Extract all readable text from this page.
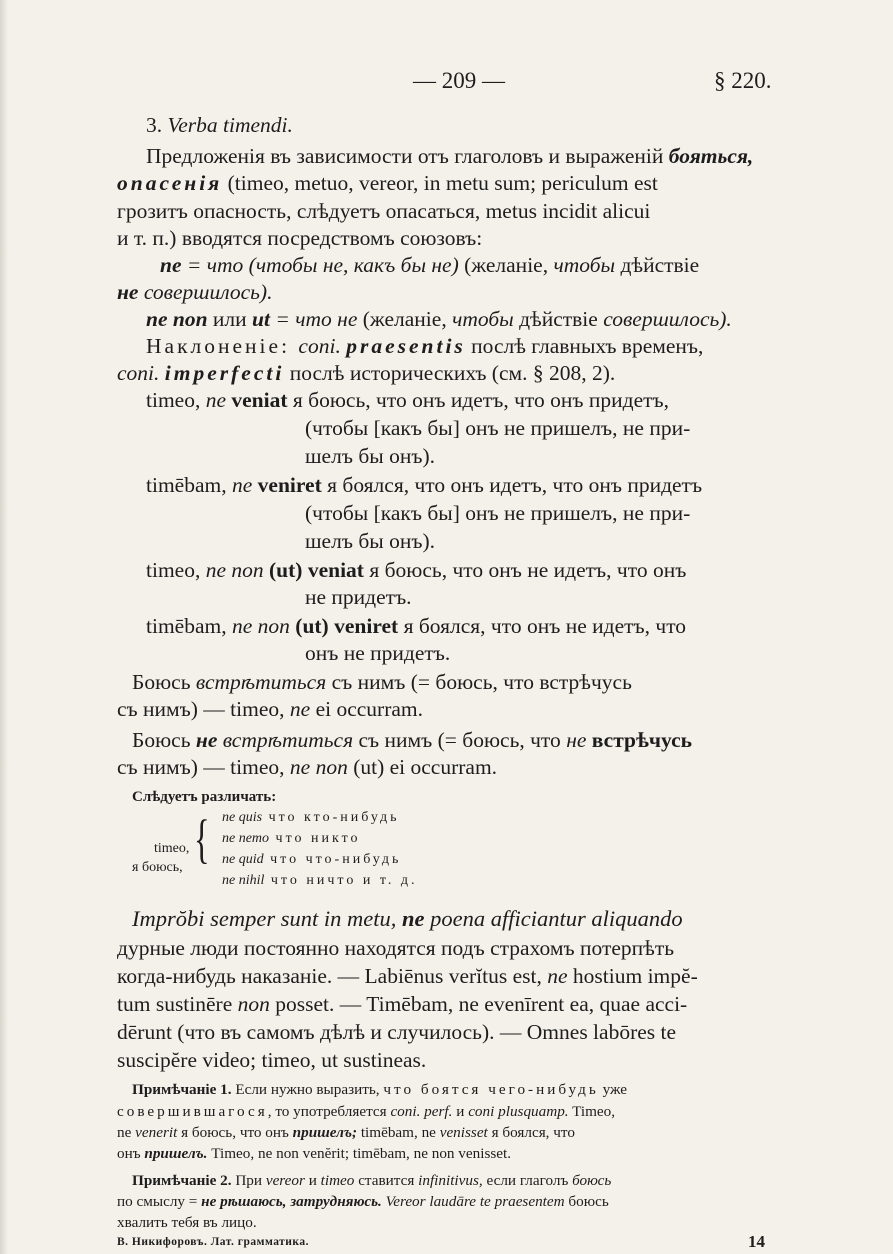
— 209 —	§ 220.
3. Verba timendi.
Предложенія въ зависимости отъ глаголовъ и выраженій бояться,
опасенія (timeo, metuo, vereor, in metu sum; periculum est
грозитъ опасность, слѣдуетъ опасаться, metus incidit alicui
и т. п.) вводятся посредствомъ союзовъ:
ne = что (чтобы не, какъ бы не) (желаніе, чтобы дѣйствіе
не совершилось).
ne non или ut = что не (желаніе, чтобы дѣйствіе совершилось).
Наклоненіе: coni. praesentis послѣ главныхъ временъ,
coni. imperfecti послѣ историческихъ (см. § 208, 2).
timeo, ne veniat я боюсь, что онъ идетъ, что онъ придетъ,
(чтобы [какъ бы] онъ не пришелъ, не при-
шелъ бы онъ).
timēbam, ne veniret я боялся, что онъ идетъ, что онъ придетъ
(чтобы [какъ бы] онъ не пришелъ, не при-
шелъ бы онъ).
timeo, ne non (ut) veniat я боюсь, что онъ не идетъ, что онъ
не придетъ.
timēbam, ne non (ut) veniret я боялся, что онъ не идетъ, что
онъ не придетъ.
Боюсь встрѣтиться съ нимъ (= боюсь, что встрѣчусь
съ нимъ) — timeo, ne ei occurram.
Боюсь не встрѣтиться съ нимъ (= боюсь, что не встрѣчусь
съ нимъ) — timeo, ne non (ut) ei occurram.
Слѣдуетъ различать:
timeo,
я боюсь, { ne quis что кто-нибудь
ne nemo что никто
ne quid что что-нибудь
ne nihil что ничто и т. д.
Imprŏbi semper sunt in metu, ne poena afficiantur aliquando
дурные люди постоянно находятся подъ страхомъ потерпѣть
когда-нибудь наказаніе. — Labiēnus verĭtus est, ne hostium impĕ-
tum sustinēre non posset. — Timēbam, ne evenīrent ea, quae acci-
dērunt (что въ самомъ дѣлѣ и случилось). — Omnes labōres te
suscipĕre video; timeo, ut sustineas.
Примѣчаніе 1. Если нужно выразить, что боятся чего-нибудь уже
совершившагося, то употребляется coni. perf. и coni plusquamp. Timeo,
ne venerit я боюсь, что онъ пришелъ; timēbam, ne venisset я боялся, что
онъ пришелъ. Timeo, ne non venĕrit; timēbam, ne non venisset.
Примѣчаніе 2. При vereor и timeo ставится infinitivus, если глаголъ боюсь
по смыслу = не рѣшаюсь, затрудняюсь. Vereor laudāre te praesentem боюсь
хвалить тебя въ лицо.
В. Никифоровъ. Лат. грамматика.	14
